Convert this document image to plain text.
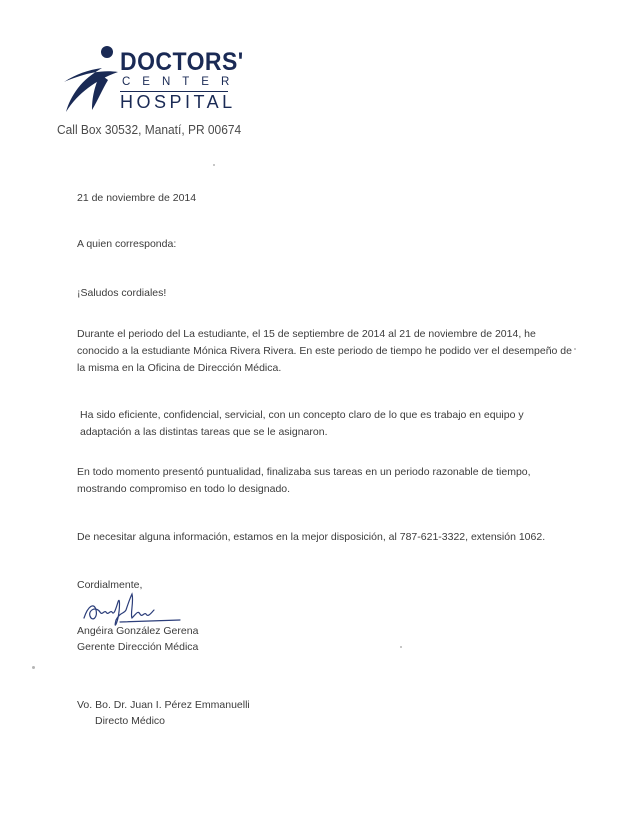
DOCTORS'
CENTER
HOSPITAL
Call Box 30532, Manatí, PR 00674
21 de noviembre de 2014
A quien corresponda:
¡Saludos cordiales!
Durante el periodo del La estudiante, el 15 de septiembre de 2014 al 21 de noviembre de 2014, he conocido a la estudiante Mónica Rivera Rivera. En este periodo de tiempo he podido ver el desempeño de la misma en la Oficina de Dirección Médica.
Ha sido eficiente, confidencial, servicial, con un concepto claro de lo que es trabajo en equipo y adaptación a las distintas tareas que se le asignaron.
En todo momento presentó puntualidad, finalizaba sus tareas en un periodo razonable de tiempo, mostrando compromiso en todo lo designado.
De necesitar alguna información, estamos en la mejor disposición, al 787-621-3322, extensión 1062.
Cordialmente,
Angéira González Gerena
Gerente Dirección Médica
Vo. Bo. Dr. Juan I. Pérez Emmanuelli
Directo Médico
